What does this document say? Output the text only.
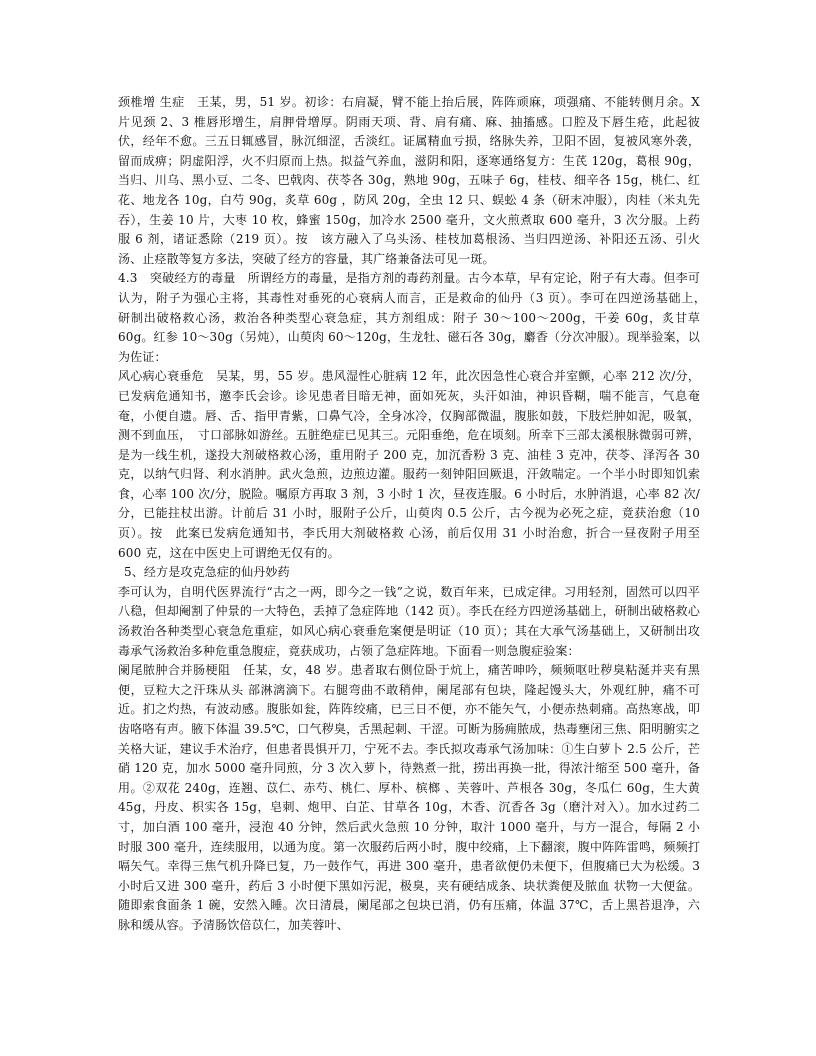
颈椎增 生症　王某，男，51 岁。初诊：右肩凝，臂不能上抬后展，阵阵顽麻，项强痛、不能转侧月余。X 片见颈 2、3 椎唇形增生，肩胛骨增厚。阴雨天项、背、肩有痛、麻、抽搐感。口腔及下唇生疮，此起彼伏，经年不愈。三五日辄感冒，脉沉细涩，舌淡红。证属精血亏损，络脉失养，卫阳不固，复被风寒外袭，留而成痹；阴虚阳浮，火不归原而上热。拟益气养血，滋阴和阳，逐寒通络复方：生芪 120g，葛根 90g，当归、川乌、黑小豆、二冬、巴戟肉、茯苓各 30g，熟地 90g，五味子 6g，桂枝、细辛各 15g，桃仁、红花、地龙各 10g，白芍 90g，炙草 60g ，防风 20g，全虫 12 只、蜈蚣 4 条（研末冲服），肉桂（米丸先吞），生姜 10 片，大枣 10 枚，蜂蜜 150g，加冷水 2500 毫升，文火煎煮取 600 毫升，3 次分服。上药服 6 剂，诸证悉除（219 页）。按　该方融入了乌头汤、桂枝加葛根汤、当归四逆汤、补阳还五汤、引火汤、止痉散等复方多法，突破了经方的容量，其广络兼备法可见一斑。

4.3　突破经方的毒量　所谓经方的毒量，是指方剂的毒药剂量。古今本草，早有定论，附子有大毒。但李可认为，附子为强心主将，其毒性对垂死的心衰病人而言，正是救命的仙丹（3 页）。李可在四逆汤基础上，　研制出破格救心汤，救治各种类型心衰急症，其方剂组成：附子 30～100～200g，干姜 60g，炙甘草 60g。红参 10～30g（另炖），山萸肉 60～120g，生龙牡、磁石各 30g，麝香（分次冲服）。现举验案，以为佐证：

风心病心衰垂危　吴某，男，55 岁。患风湿性心脏病 12 年，此次因急性心衰合并室颤，心率 212 次/分，已发病危通知书，邀李氏会诊。诊见患者目暗无神，面如死灰，头汗如油，神识昏糊，喘不能言，气息奄奄，小便自遗。唇、舌、指甲青紫，口鼻气冷，全身冰冷，仅胸部微温，腹胀如鼓，下肢烂肿如泥，吸氧，测不到血压，　寸口部脉如游丝。五脏绝症已见其三。元阳垂绝，危在顷刻。所幸下三部太溪根脉微弱可辨，是为一线生机，遂投大剂破格救心汤，重用附子 200 克，加沉香粉 3 克、油桂 3 克冲，茯苓、泽泻各 30 克，以纳气归肾、利水消肿。武火急煎，边煎边灌。服药一刻钟阳回厥退，汗敛喘定。一个半小时即知饥索食，心率 100 次/分，脱险。嘱原方再取 3 剂，3 小时 1 次，昼夜连服。6 小时后，水肿消退，心率 82 次/分，已能拄杖出游。计前后 31 小时，服附子公斤，山萸肉 0.5 公斤，古今视为必死之症，竟获治愈（10 页）。按　此案已发病危通知书，李氏用大剂破格救 心汤，前后仅用 31 小时治愈，折合一昼夜附子用至 600 克，这在中医史上可谓绝无仅有的。

5、经方是攻克急症的仙丹妙药

李可认为，自明代医界流行“古之一两，即今之一钱”之说，数百年来，已成定律。习用轻剂，固然可以四平八稳，但却阉割了仲景的一大特色，丢掉了急症阵地（142 页）。李氏在经方四逆汤基础上，研制出破格救心汤救治各种类型心衰急危重症，如风心病心衰垂危案便是明证（10 页）；其在大承气汤基础上，又研制出攻毒承气汤救治多种危重急腹症，竟获成功，占领了急症阵地。下面看一则急腹症验案：

阑尾脓肿合并肠梗阻　任某，女，48 岁。患者取右侧位卧于炕上，痛苦呻吟，频频呕吐秽臭粘涎并夹有黑便，豆粒大之汗珠从头 部淋漓滴下。右腿弯曲不敢稍伸，阑尾部有包块，隆起馒头大，外观红肿，痛不可近。扪之灼热，有波动感。腹胀如瓮，阵阵绞痛，已三日不便，亦不能矢气，小便赤热刺痛。高热寒战，叩齿咯咯有声。腋下体温 39.5℃，口气秽臭，舌黑起刺、干涩。可断为肠痈脓成，热毒壅闭三焦、阳明腑实之关格大证，建议手术治疗，但患者畏惧开刀，宁死不去。李氏拟攻毒承气汤加味：①生白萝卜 2.5 公斤，芒硝 120 克，加水 5000 毫升同煎，分 3 次入萝卜，待熟煮一批，捞出再换一批，得浓汁缩至 500 毫升，备用。②双花 240g，连翘、苡仁、赤芍、桃仁、厚朴、槟榔 、芙蓉叶、芦根各 30g，冬瓜仁 60g，生大黄 45g，丹皮、枳实各 15g，皂刺、炮甲、白芷、甘草各 10g，木香、沉香各 3g（磨汁对入）。加水过药二寸，加白酒 100 毫升，浸泡 40 分钟，然后武火急煎 10 分钟，取汁 1000 毫升，与方一混合，每隔 2 小时服 300 毫升，连续服用，以通为度。第一次服药后两小时，腹中绞痛，上下翻滚，腹中阵阵雷鸣，频频打嗝矢气。幸得三焦气机升降已复，乃一鼓作气，再进 300 毫升，患者欲便仍未便下，但腹痛已大为松缓。3 小时后又进 300 毫升，药后 3 小时便下黑如污泥，极臭，夹有硬结成条、块状粪便及脓血 状物一大便盆。随即索食面条 1 碗，安然入睡。次日清晨，阑尾部之包块已消，仍有压痛，体温 37℃，舌上黑苔退净，六脉和缓从容。予清肠饮倍苡仁，加芙蓉叶、
